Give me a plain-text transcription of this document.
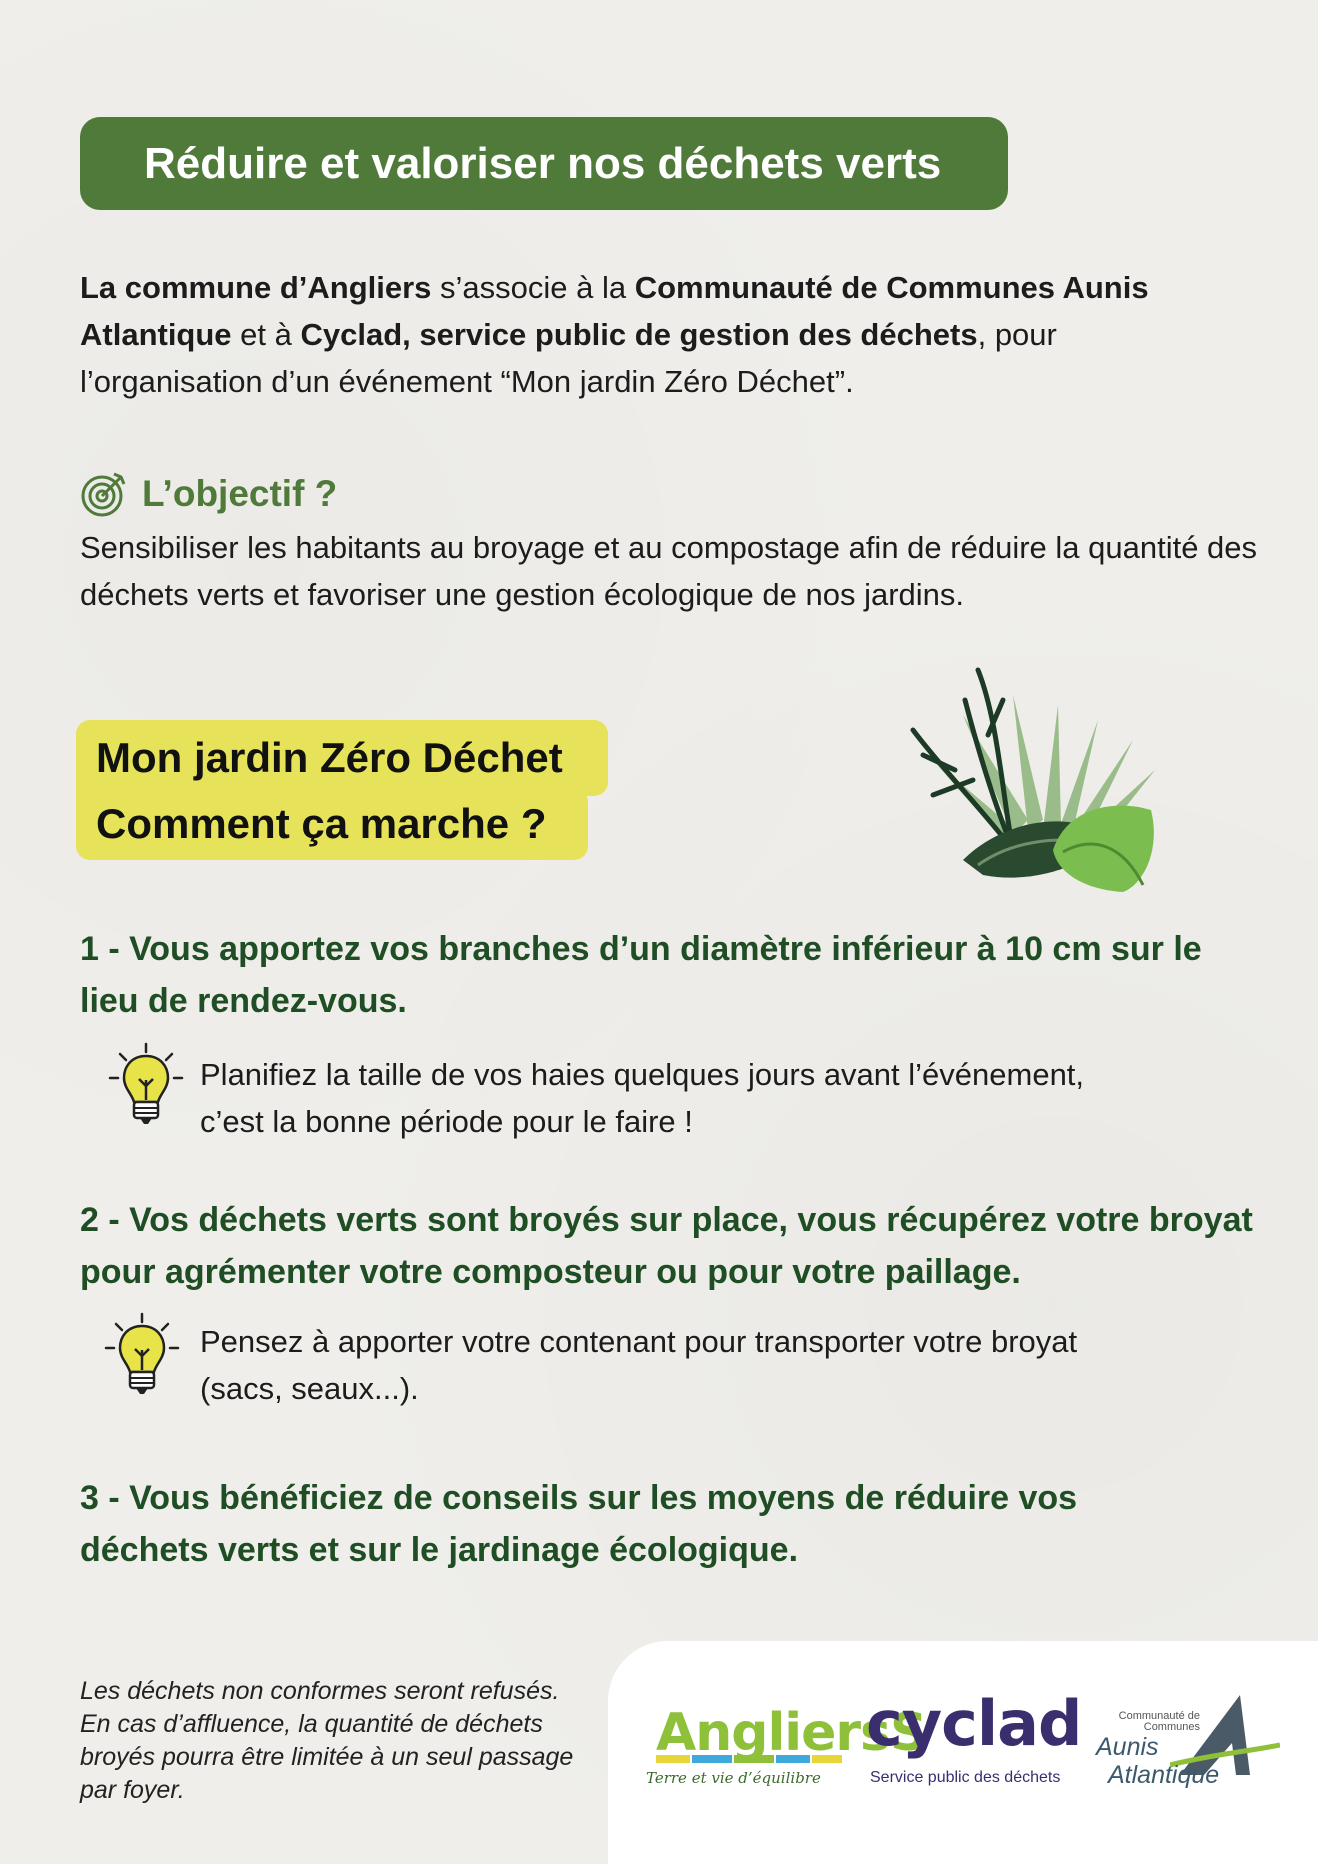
Réduire et valoriser nos déchets verts

La commune d’Angliers s’associe à la Communauté de Communes Aunis Atlantique et à Cyclad, service public de gestion des déchets, pour l’organisation d’un événement “Mon jardin Zéro Déchet”.

L’objectif ?

Sensibiliser les habitants au broyage et au compostage afin de réduire la quantité des déchets verts et favoriser une gestion écologique de nos jardins.

Comment ça marche ?
Mon jardin Zéro Déchet
1 - Vous apportez vos branches d’un diamètre inférieur à 10 cm sur le lieu de rendez-vous.
Planifiez la taille de vos haies quelques jours avant l’événement, c’est la bonne période pour le faire !
2 - Vos déchets verts sont broyés sur place, vous récupérez votre broyat pour agrémenter votre composteur ou pour votre paillage.
Pensez à apporter votre contenant pour transporter votre broyat (sacs, seaux...).
3 - Vous bénéficiez de conseils sur les moyens de réduire vos déchets verts et sur le jardinage écologique.
Les déchets non conformes seront refusés. En cas d’affluence, la quantité de déchets broyés pourra être limitée à un seul passage par foyer.
AngliersS
Terre et vie d’équilibre
cyclad
Service public des déchets
Communauté de Communes
Aunis
Atlantique
